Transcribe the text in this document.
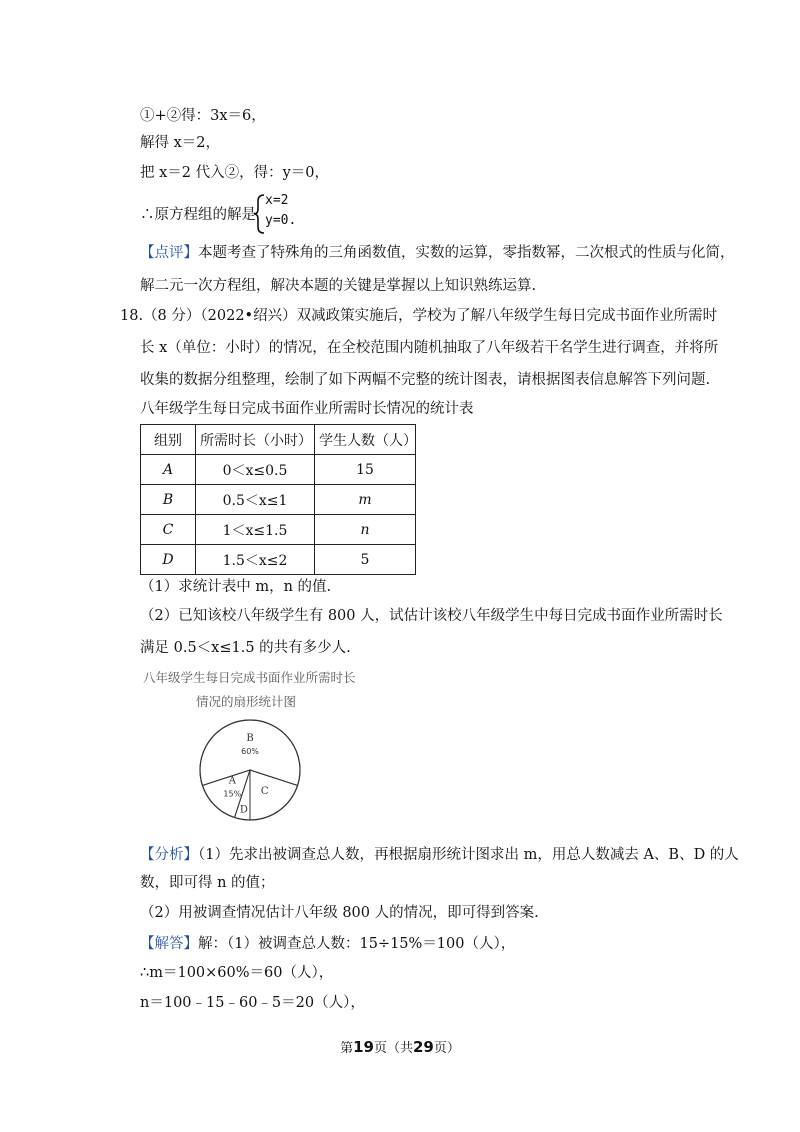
①+②得：3x＝6，
解得 x＝2，
把 x＝2 代入②，得：y＝0，
∴原方程组的解是
x=2
y=0.
【点评】本题考查了特殊角的三角函数值，实数的运算，零指数幂，二次根式的性质与化简，
解二元一次方程组，解决本题的关键是掌握以上知识熟练运算.
18.（8 分）（2022•绍兴）双减政策实施后，学校为了解八年级学生每日完成书面作业所需时
长 x（单位：小时）的情况，在全校范围内随机抽取了八年级若干名学生进行调查，并将所
收集的数据分组整理，绘制了如下两幅不完整的统计图表，请根据图表信息解答下列问题.
八年级学生每日完成书面作业所需时长情况的统计表
组别	所需时长（小时）	学生人数（人）
A	0＜x≤0.5	15
B	0.5＜x≤1	m
C	1＜x≤1.5	n
D	1.5＜x≤2	5
（1）求统计表中 m，n 的值.
（2）已知该校八年级学生有 800 人，试估计该校八年级学生中每日完成书面作业所需时长
满足 0.5＜x≤1.5 的共有多少人.
八年级学生每日完成书面作业所需时长
情况的扇形统计图
B
60%
C
D
A
15%
【分析】（1）先求出被调查总人数，再根据扇形统计图求出 m，用总人数减去 A、B、D 的人
数，即可得 n 的值；
（2）用被调查情况估计八年级 800 人的情况，即可得到答案.
【解答】解：（1）被调查总人数：15÷15%＝100（人），
∴m＝100×60%＝60（人），
n＝100﹣15﹣60﹣5＝20（人），
第19页（共29页）
